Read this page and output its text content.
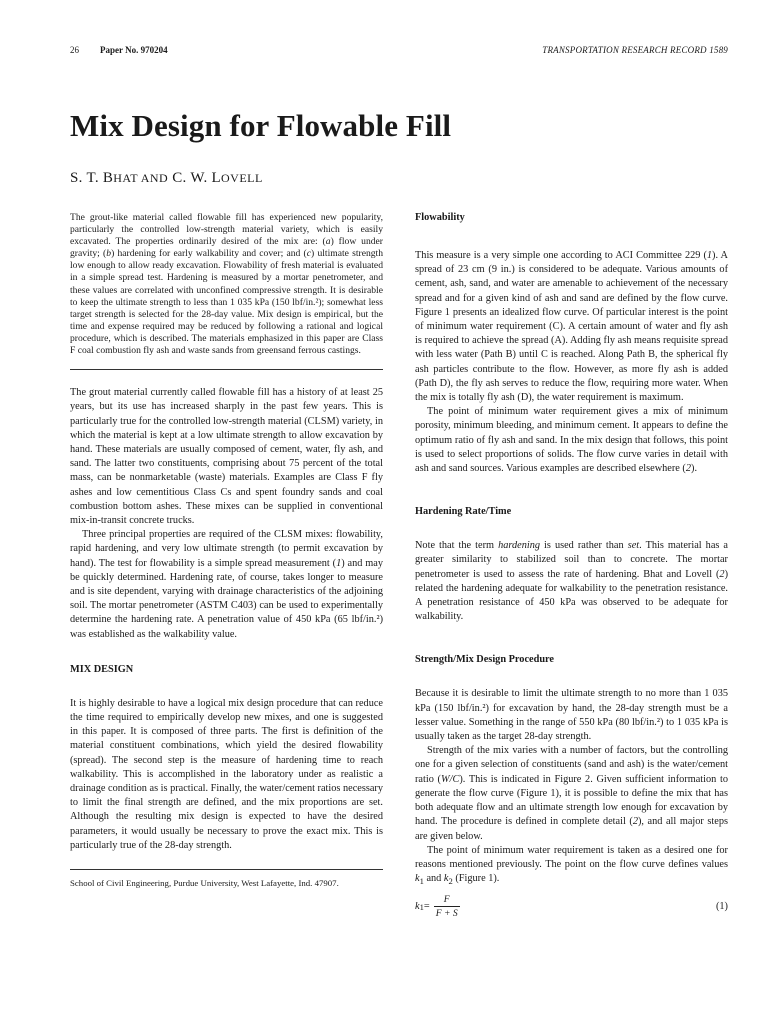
26 Paper No. 970204	TRANSPORTATION RESEARCH RECORD 1589
Mix Design for Flowable Fill
S. T. BHAT AND C. W. LOVELL

The grout-like material called flowable fill has experienced new popularity, particularly the controlled low-strength material variety, which is easily excavated. The properties ordinarily desired of the mix are: (a) flow under gravity; (b) hardening for early walkability and cover; and (c) ultimate strength low enough to allow ready excavation. Flowability of fresh material is evaluated in a simple spread test. Hardening is measured by a mortar penetrometer, and these values are correlated with unconfined compressive strength. It is desirable to keep the ultimate strength to less than 1 035 kPa (150 lbf/in.²); somewhat less target strength is selected for the 28-day value. Mix design is empirical, but the time and expense required may be reduced by following a rational and logical procedure, which is described. The materials emphasized in this paper are Class F coal combustion fly ash and waste sands from greensand ferrous castings.

The grout material currently called flowable fill has a history of at least 25 years, but its use has increased sharply in the past few years. This is particularly true for the controlled low-strength material (CLSM) variety, in which the material is kept at a low ultimate strength to allow excavation by hand. These materials are usually composed of cement, water, fly ash, and sand. The latter two constituents, comprising about 75 percent of the total mass, can be nonmarketable (waste) materials. Examples are Class F fly ashes and low cementitious Class Cs and spent foundry sands and coal combustion bottom ashes. These mixes can be supplied in conventional mix-in-transit concrete trucks.

Three principal properties are required of the CLSM mixes: flowability, rapid hardening, and very low ultimate strength (to permit excavation by hand). The test for flowability is a simple spread measurement (1) and may be quickly determined. Hardening rate, of course, takes longer to measure and is site dependent, varying with drainage characteristics of the adjoining soil. The mortar penetrometer (ASTM C403) can be used to experimentally determine the hardening rate. A penetration value of 450 kPa (65 lbf/in.²) was established as the walkability value.

MIX DESIGN

It is highly desirable to have a logical mix design procedure that can reduce the time required to empirically develop new mixes, and one is suggested in this paper. It is composed of three parts. The first is definition of the material constituent combinations, which yield the desired flowability (spread). The second step is the measure of hardening time to reach walkability. This is accomplished in the laboratory under as realistic a drainage condition as is practical. Finally, the water/cement ratios necessary to limit the final strength are defined, and the mix proportions are set. Although the resulting mix design is expected to have the desired parameters, it would usually be necessary to prove the exact mix. This is particularly true of the 28-day strength.

School of Civil Engineering, Purdue University, West Lafayette, Ind. 47907.
Flowability

This measure is a very simple one according to ACI Committee 229 (1). A spread of 23 cm (9 in.) is considered to be adequate. Various amounts of cement, ash, sand, and water are amenable to achievement of the necessary spread and for a given kind of ash and sand are defined by the flow curve. Figure 1 presents an idealized flow curve. Of particular interest is the point of minimum water requirement (C). A certain amount of water and fly ash is required to achieve the spread (A). Adding fly ash means requisite spread with less water (Path B) until C is reached. Along Path B, the spherical fly ash particles contribute to the flow. However, as more fly ash is added (Path D), the fly ash serves to reduce the flow, requiring more water. When the mix is totally fly ash (D), the water requirement is maximum.

The point of minimum water requirement gives a mix of minimum porosity, minimum bleeding, and minimum cement. It appears to define the optimum ratio of fly ash and sand. In the mix design that follows, this point is used to select proportions of solids. The flow curve varies in detail with ash and sand sources. Various examples are described elsewhere (2).

Hardening Rate/Time

Note that the term hardening is used rather than set. This material has a greater similarity to stabilized soil than to concrete. The mortar penetrometer is used to assess the rate of hardening. Bhat and Lovell (2) related the hardening adequate for walkability to the penetration resistance. A penetration resistance of 450 kPa was observed to be adequate for walkability.

Strength/Mix Design Procedure

Because it is desirable to limit the ultimate strength to no more than 1 035 kPa (150 lbf/in.²) for excavation by hand, the 28-day strength must be a lesser value. Something in the range of 550 kPa (80 lbf/in.²) to 1 035 kPa is usually taken as the target 28-day strength.

Strength of the mix varies with a number of factors, but the controlling one for a given selection of constituents (sand and ash) is the water/cement ratio (W/C). This is indicated in Figure 2. Given sufficient information to generate the flow curve (Figure 1), it is possible to define the mix that has both adequate flow and an ultimate strength low enough for excavation by hand. The procedure is defined in complete detail (2), and all major steps are given below.

The point of minimum water requirement is taken as a desired one for reasons mentioned previously. The point on the flow curve defines values $k_1$ and $k_2$ (Figure 1).

k $1 = \frac{F}{F + S}$	(1)
